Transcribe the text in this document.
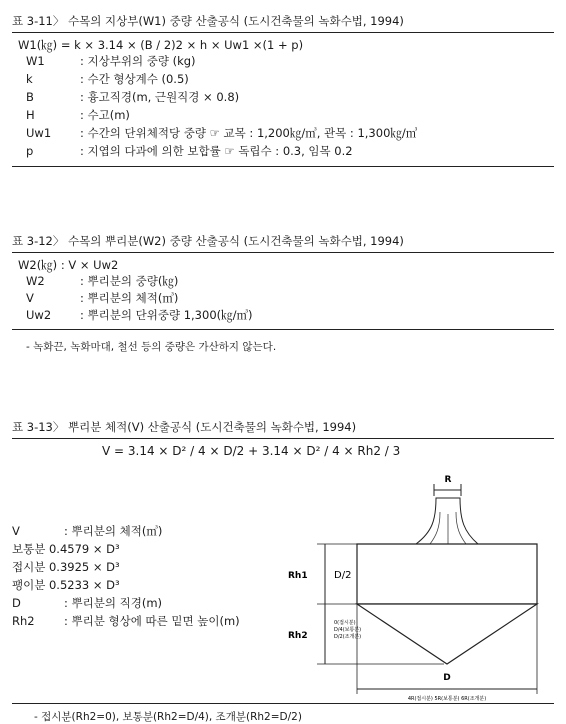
표 3-11〉 수목의 지상부(W1) 중량 산출공식 (도시건축물의 녹화수법, 1994)
W1(㎏) = k × 3.14 × (B / 2)2 × h × Uw1 ×(1 + p)
W1	: 지상부위의 중량 (kg)
k	: 수간 형상계수 (0.5)
B	: 흉고직경(m, 근원직경 × 0.8)
H	: 수고(m)
Uw1	: 수간의 단위체적당 중량 ☞ 교목 : 1,200㎏/㎥, 관목 : 1,300㎏/㎥
p	: 지엽의 다과에 의한 보합률 ☞ 독립수 : 0.3, 임목 0.2
표 3-12〉 수목의 뿌리분(W2) 중량 산출공식 (도시건축물의 녹화수법, 1994)
W2(㎏) : V × Uw2
W2	: 뿌리분의 중량(㎏)
V	: 뿌리분의 체적(㎥)
Uw2	: 뿌리분의 단위중량 1,300(㎏/㎥)
- 녹화끈, 녹화마대, 철선 등의 중량은 가산하지 않는다.
표 3-13〉 뿌리분 체적(V) 산출공식 (도시건축물의 녹화수법, 1994)
V = 3.14 × D² / 4 × D/2 + 3.14 × D² / 4 × Rh2 / 3
V	: 뿌리분의 체적(㎥)
보통분 0.4579 × D³
접시분 0.3925 × D³
팽이분 0.5233 × D³
D	: 뿌리분의 직경(m)
Rh2	: 뿌리분 형상에 따른 밑면 높이(m)
R
Rh1	D/2
Rh2
0(접시분)
D/4(보통분)
D/2(조개분)
D
4R(접시분) 5R(보통분) 6R(조개분)
- 접시분(Rh2=0), 보통분(Rh2=D/4), 조개분(Rh2=D/2)
